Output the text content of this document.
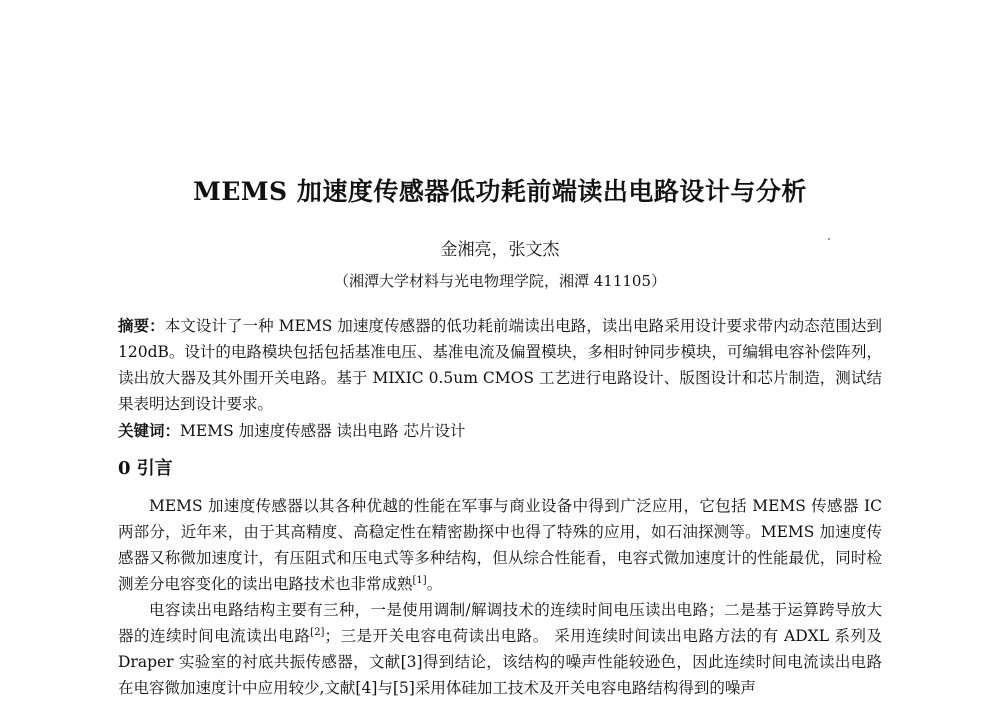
MEMS 加速度传感器低功耗前端读出电路设计与分析
金湘亮，张文杰
（湘潭大学材料与光电物理学院，湘潭 411105）
摘要：本文设计了一种 MEMS 加速度传感器的低功耗前端读出电路，读出电路采用设计要求带内动态范围达到 120dB。设计的电路模块包括包括基准电压、基准电流及偏置模块，多相时钟同步模块，可编辑电容补偿阵列，读出放大器及其外围开关电路。基于 MIXIC 0.5um CMOS 工艺进行电路设计、版图设计和芯片制造，测试结果表明达到设计要求。
关键词：MEMS 加速度传感器 读出电路 芯片设计
0 引言

MEMS 加速度传感器以其各种优越的性能在军事与商业设备中得到广泛应用，它包括 MEMS 传感器 IC 两部分，近年来，由于其高精度、高稳定性在精密勘探中也得了特殊的应用，如石油探测等。MEMS 加速度传感器又称微加速度计，有压阻式和压电式等多种结构，但从综合性能看，电容式微加速度计的性能最优，同时检测差分电容变化的读出电路技术也非常成熟[1]。

电容读出电路结构主要有三种，一是使用调制/解调技术的连续时间电压读出电路；二是基于运算跨导放大器的连续时间电流读出电路[2]；三是开关电容电荷读出电路。 采用连续时间读出电路方法的有 ADXL 系列及 Draper 实验室的衬底共振传感器，文献[3]得到结论，该结构的噪声性能较逊色，因此连续时间电流读出电路在电容微加速度计中应用较少,文献[4]与[5]采用体硅加工技术及开关电容电路结构得到的噪声
